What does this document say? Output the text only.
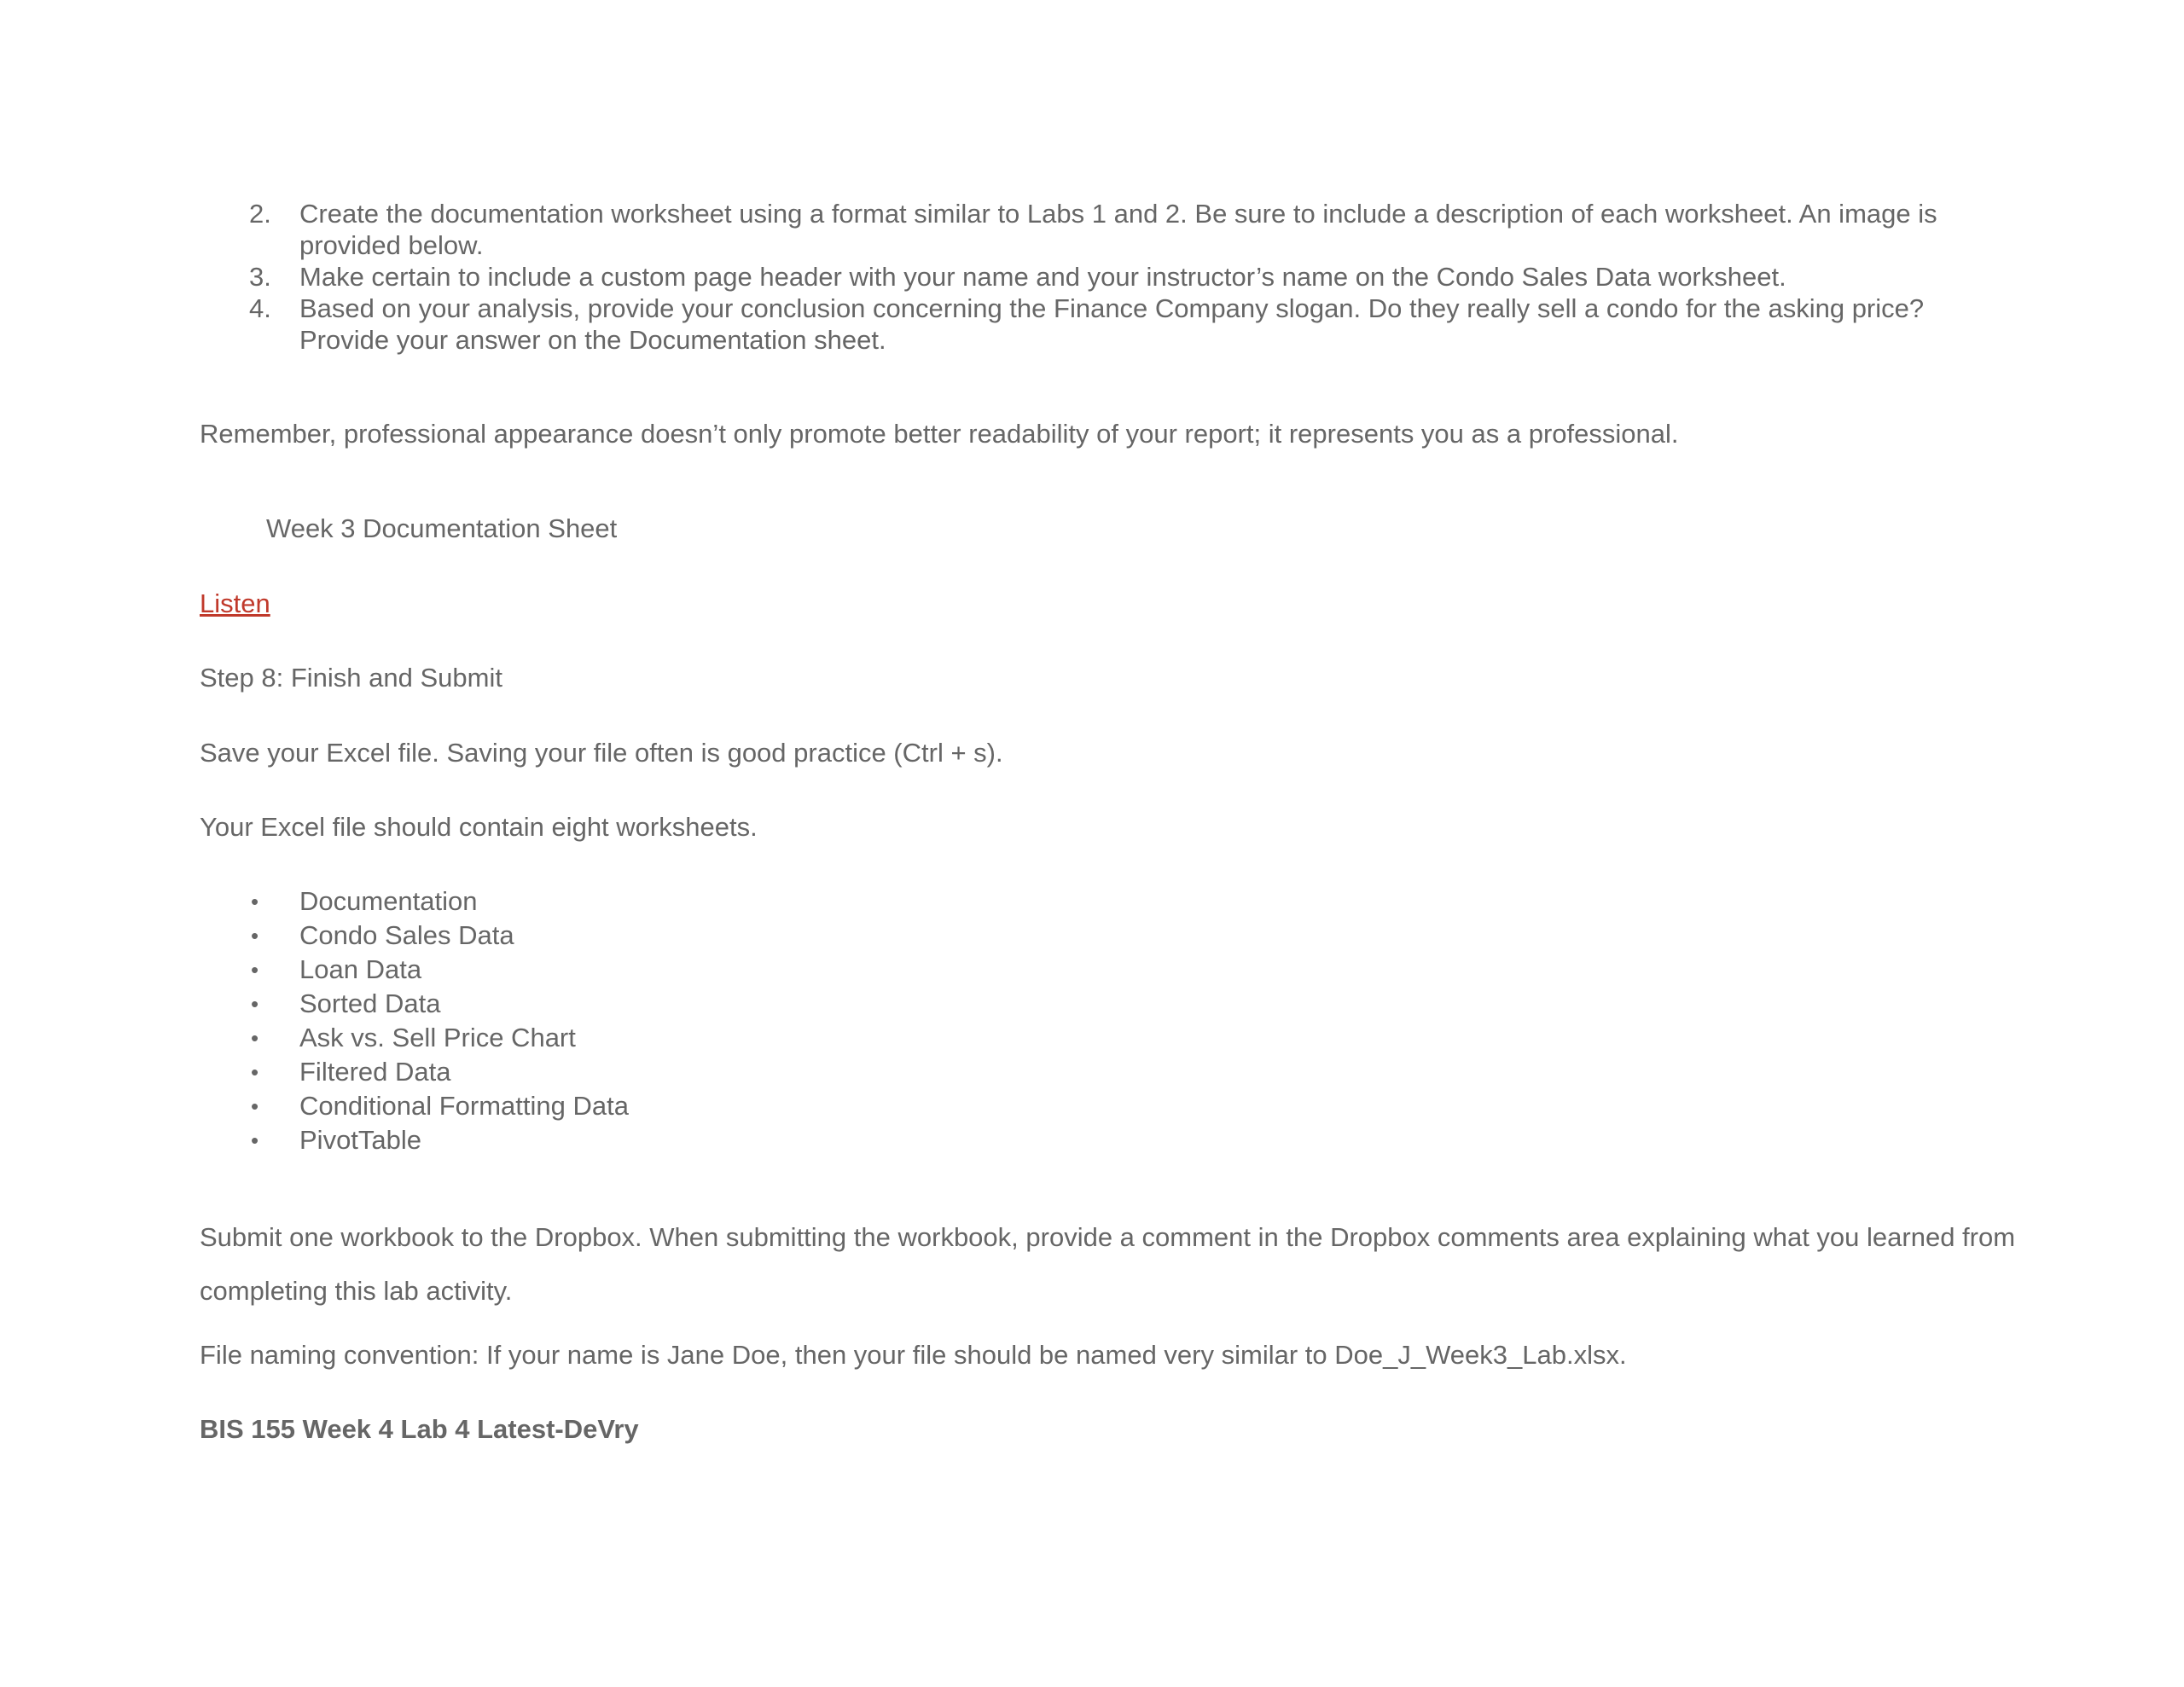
2. Create the documentation worksheet using a format similar to Labs 1 and 2. Be sure to include a description of each worksheet. An image is provided below.
3. Make certain to include a custom page header with your name and your instructor’s name on the Condo Sales Data worksheet.
4. Based on your analysis, provide your conclusion concerning the Finance Company slogan. Do they really sell a condo for the asking price? Provide your answer on the Documentation sheet.

Remember, professional appearance doesn’t only promote better readability of your report; it represents you as a professional.

Week 3 Documentation Sheet

Listen

Step 8: Finish and Submit

Save your Excel file. Saving your file often is good practice (Ctrl + s).

Your Excel file should contain eight worksheets.

• Documentation
• Condo Sales Data
• Loan Data
• Sorted Data
• Ask vs. Sell Price Chart
• Filtered Data
• Conditional Formatting Data
• PivotTable

Submit one workbook to the Dropbox. When submitting the workbook, provide a comment in the Dropbox comments area explaining what you learned from completing this lab activity.

File naming convention: If your name is Jane Doe, then your file should be named very similar to Doe_J_Week3_Lab.xlsx.

BIS 155 Week 4 Lab 4 Latest-DeVry
